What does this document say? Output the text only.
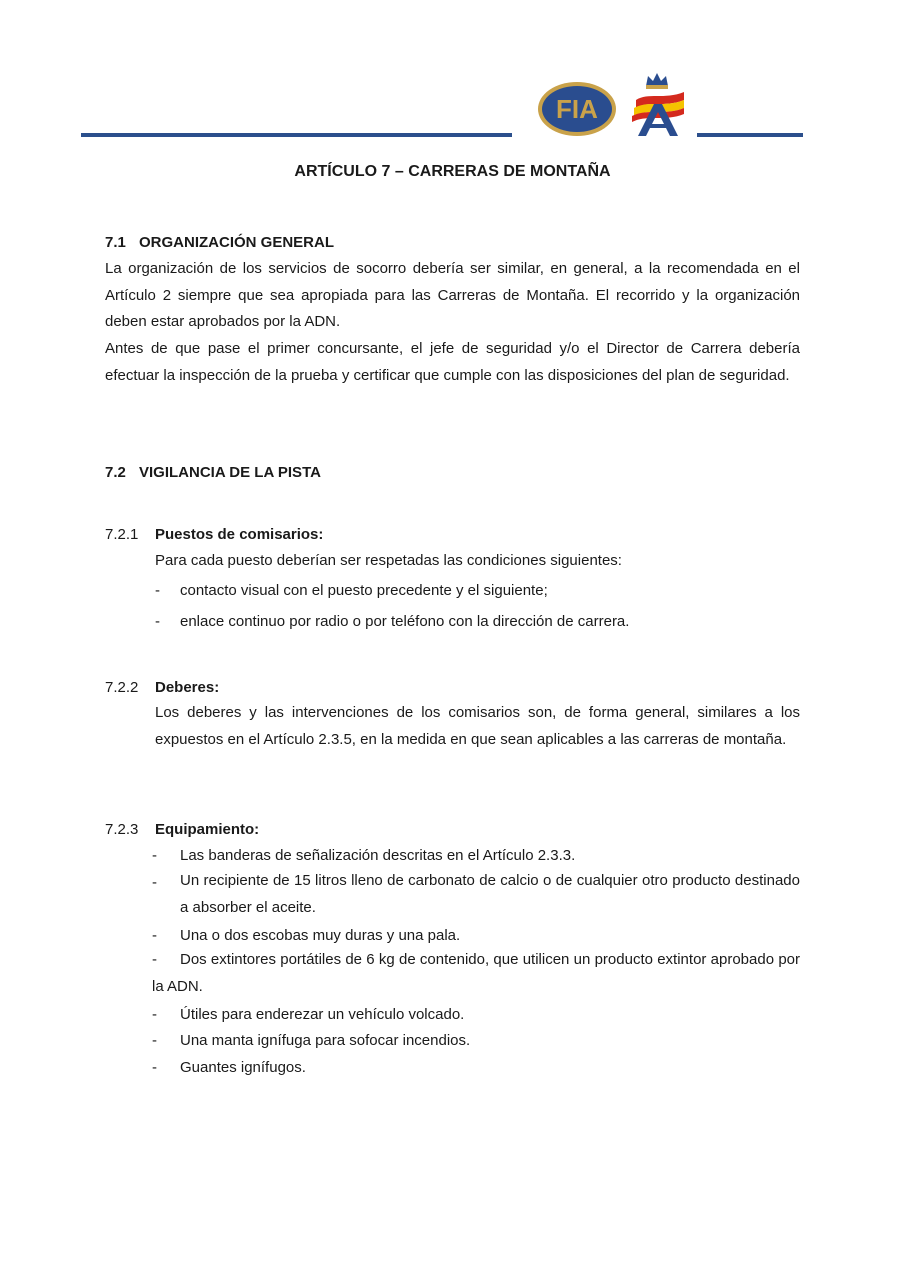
FIA
ARTÍCULO 7 – CARRERAS DE MONTAÑA
7.1 ORGANIZACIÓN GENERAL
La organización de los servicios de socorro debería ser similar, en general, a la recomendada en el Artículo 2 siempre que sea apropiada para las Carreras de Montaña. El recorrido y la organización deben estar aprobados por la ADN.
Antes de que pase el primer concursante, el jefe de seguridad y/o el Director de Carrera debería efectuar la inspección de la prueba y certificar que cumple con las disposiciones del plan de seguridad.
7.2 VIGILANCIA DE LA PISTA
7.2.1 Puestos de comisarios:
Para cada puesto deberían ser respetadas las condiciones siguientes:
- contacto visual con el puesto precedente y el siguiente;
- enlace continuo por radio o por teléfono con la dirección de carrera.
7.2.2 Deberes:
Los deberes y las intervenciones de los comisarios son, de forma general, similares a los expuestos en el Artículo 2.3.5, en la medida en que sean aplicables a las carreras de montaña.
7.2.3 Equipamiento:
- Las banderas de señalización descritas en el Artículo 2.3.3.
- Un recipiente de 15 litros lleno de carbonato de calcio o de cualquier otro producto destinado a absorber el aceite.
- Una o dos escobas muy duras y una pala.
- Dos extintores portátiles de 6 kg de contenido, que utilicen un producto extintor aprobado por la ADN.
- Útiles para enderezar un vehículo volcado.
- Una manta ignífuga para sofocar incendios.
- Guantes ignífugos.
